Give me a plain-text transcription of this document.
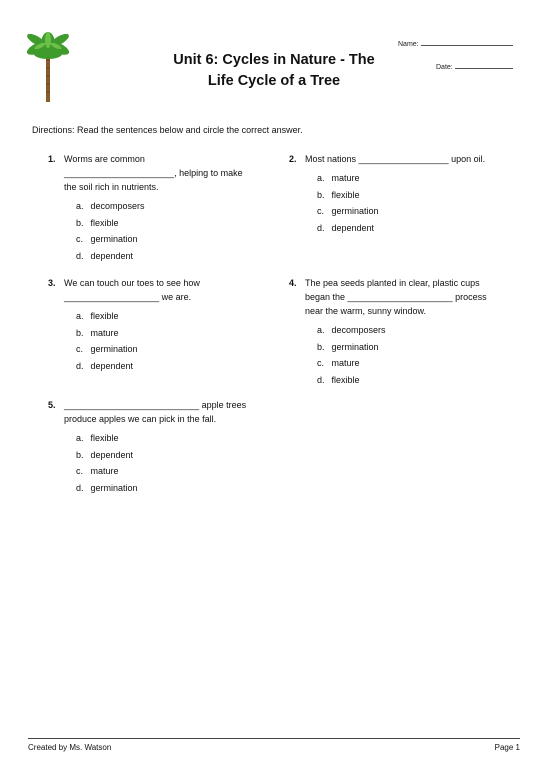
Unit 6: Cycles in Nature - The
Life Cycle of a Tree
Name:
Date:
Directions: Read the sentences below and circle the correct answer.
1. Worms are common
______________________, helping to make
the soil rich in nutrients.
a. decomposers
b. flexible
c. germination
d. dependent
2. Most nations __________________ upon oil.
a. mature
b. flexible
c. germination
d. dependent
3. We can touch our toes to see how
___________________ we are.
a. flexible
b. mature
c. germination
d. dependent
4. The pea seeds planted in clear, plastic cups
began the _____________________ process
near the warm, sunny window.
a. decomposers
b. germination
c. mature
d. flexible
5. ___________________________ apple trees
produce apples we can pick in the fall.
a. flexible
b. dependent
c. mature
d. germination
Created by Ms. Watson	Page 1
